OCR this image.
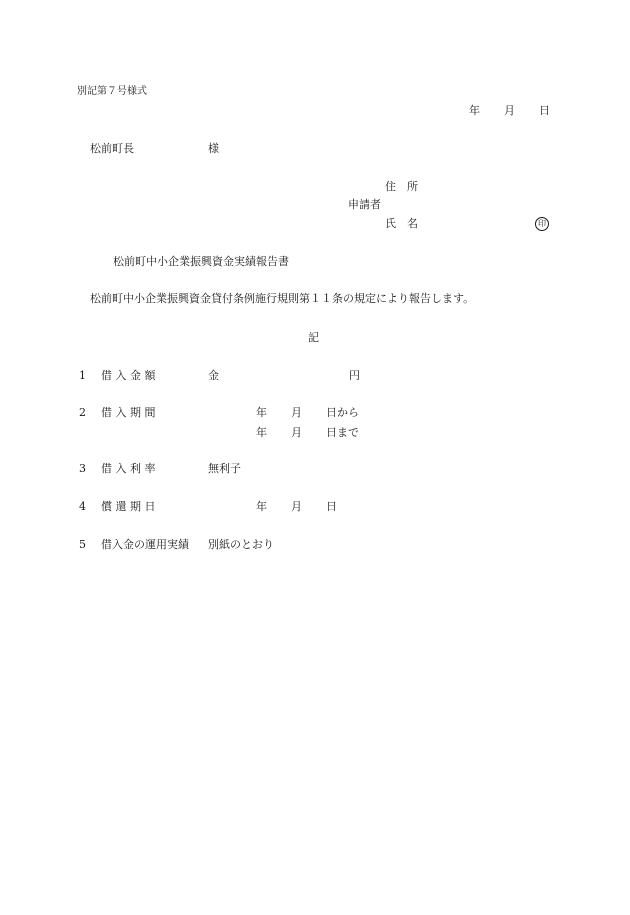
別記第７号様式
年 月 日
松前町長	様
住　所
申請者
氏　名	印
松前町中小企業振興資金実績報告書
松前町中小企業振興資金貸付条例施行規則第１１条の規定により報告します。
記
1 借 入 金 額	金	円
2 借 入 期 間	年 月 日から
年 月 日まで
3 借 入 利 率	無利子
4 償 還 期 日	年 月 日
5 借入金の運用実績 別紙のとおり
